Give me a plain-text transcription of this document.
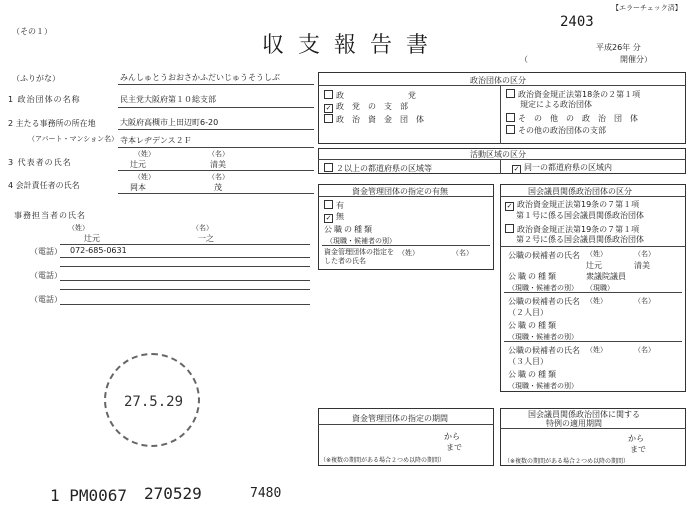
（その１）
収支報告書
2403
【エラーチェック済】
平成26年 分
（	開催分）
（ふりがな）	みんしゅとうおおさかふだいじゅうそうしぶ
1 政治団体の名称	民主党大阪府第１０総支部
2 主たる事務所の所在地	大阪府高槻市上田辺町6-20
（アパート・マンション名） 寺本レヂデンス２Ｆ
（姓）	（名）
3 代表者の氏名	辻元	清美
（姓）	（名）
4 会計責任者の氏名	岡本	茂
事務担当者の氏名
（姓）	（名）
辻元	一之
（電話） 072-685-0631
（電話）
（電話）
政治団体の区分
政　　　　　　　　党
✓ 政　党　の　支　部
政　治　資　金　団　体
政治資金規正法第18条の２第１項
規定による政治団体
そ　の　他　の　政　治　団　体
その他の政治団体の支部
活動区域の区分
２以上の都道府県の区域等	✓ 同一の都道府県の区域内
資金管理団体の指定の有無
有
✓ 無
公職の種類
（現職・候補者の別）
資金管理団体の指定をした者の氏名
（姓）	（名）
国会議員関係政治団体の区分
✓ 政治資金規正法第19条の７第１項
第１号に係る国会議員関係政治団体
政治資金規正法第19条の７第１項
第２号に係る国会議員関係政治団体
公職の候補者の氏名 （姓）	（名）
辻元	清美
公職の種類	衆議院議員
（現職・候補者の別） （現職）
公職の候補者の氏名（２人目）
（姓）	（名）
公職の種類
（現職・候補者の別）
公職の候補者の氏名（３人目）
（姓）	（名）
公職の種類
（現職・候補者の別）
資金管理団体の指定の期間
から
まで
（※複数の期間がある場合２つめ以降の期間）
国会議員関係政治団体に関する
特例の適用期間
から
まで
（※複数の期間がある場合２つめ以降の期間）
27.5.29
1 PM0067 270529	7480
